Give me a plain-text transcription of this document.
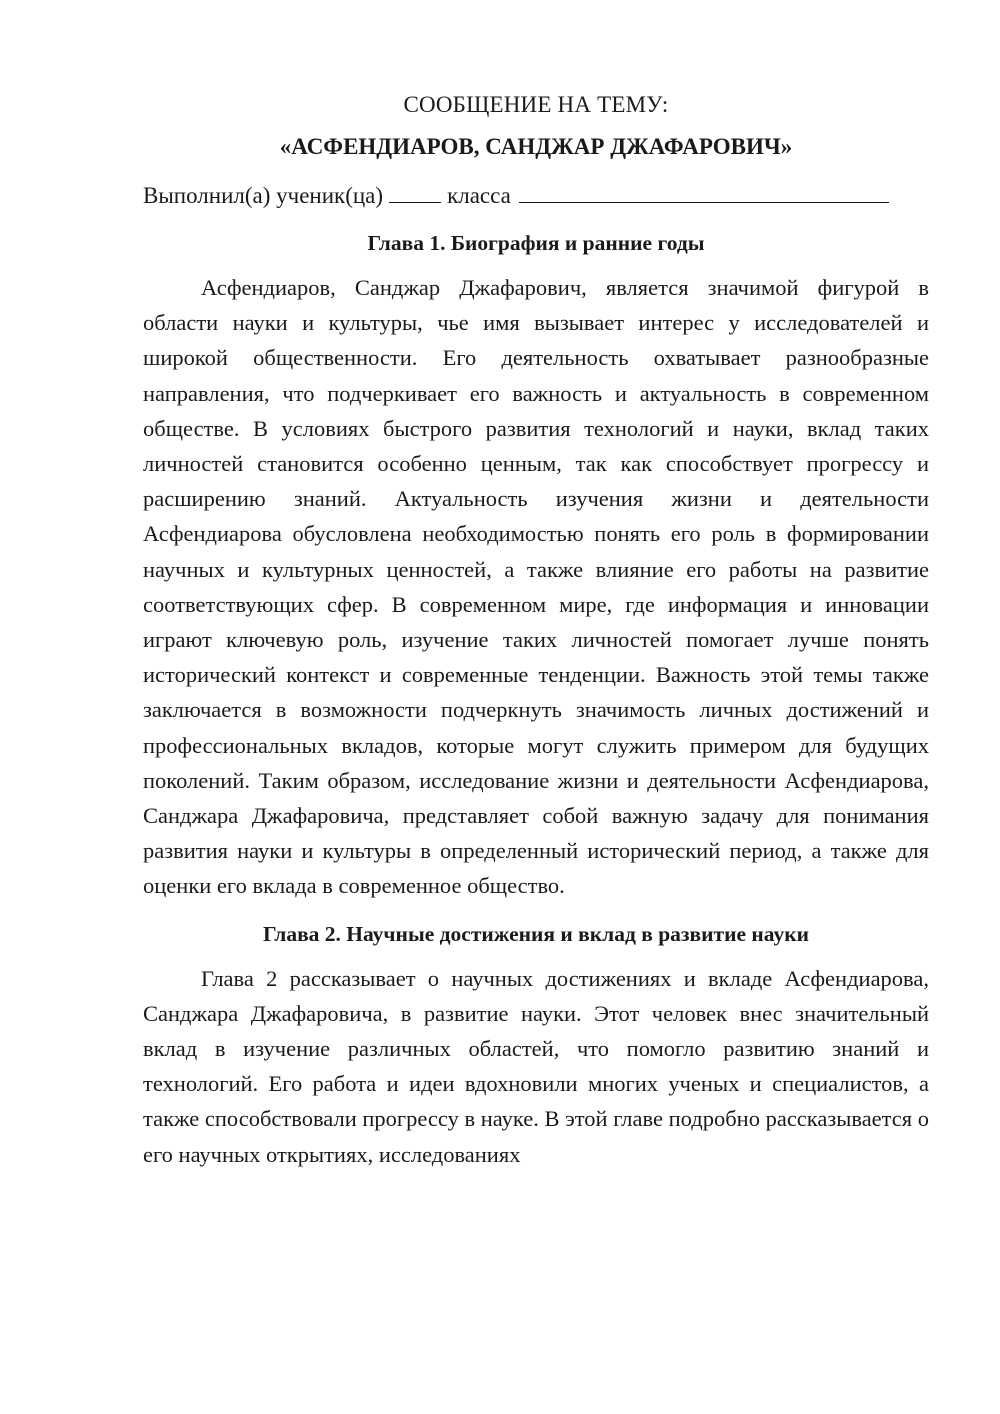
СООБЩЕНИЕ НА ТЕМУ:
«АСФЕНДИАРОВ, САНДЖАР ДЖАФАРОВИЧ»
Выполнил(а) ученик(ца)	класса
Глава 1. Биография и ранние годы

Асфендиаров, Санджар Джафарович, является значимой фигурой в области науки и культуры, чье имя вызывает интерес у исследователей и широкой общественности. Его деятельность охватывает разнообразные направления, что подчеркивает его важность и актуальность в современном обществе. В условиях быстрого развития технологий и науки, вклад таких личностей становится особенно ценным, так как способствует прогрессу и расширению знаний. Актуальность изучения жизни и деятельности Асфендиарова обусловлена необходимостью понять его роль в формировании научных и культурных ценностей, а также влияние его работы на развитие соответствующих сфер. В современном мире, где информация и инновации играют ключевую роль, изучение таких личностей помогает лучше понять исторический контекст и современные тенденции. Важность этой темы также заключается в возможности подчеркнуть значимость личных достижений и профессиональных вкладов, которые могут служить примером для будущих поколений. Таким образом, исследование жизни и деятельности Асфендиарова, Санджара Джафаровича, представляет собой важную задачу для понимания развития науки и культуры в определенный исторический период, а также для оценки его вклада в современное общество.

Глава 2. Научные достижения и вклад в развитие науки

Глава 2 рассказывает о научных достижениях и вкладе Асфендиарова, Санджара Джафаровича, в развитие науки. Этот человек внес значительный вклад в изучение различных областей, что помогло развитию знаний и технологий. Его работа и идеи вдохновили многих ученых и специалистов, а также способствовали прогрессу в науке. В этой главе подробно рассказывается о его научных открытиях, исследованиях
